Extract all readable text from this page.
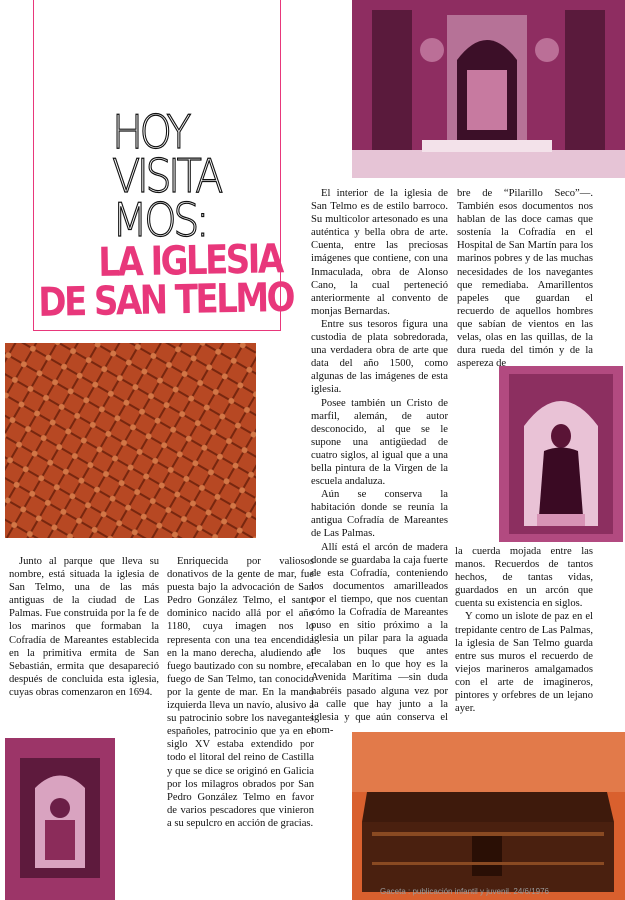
HOY
VISITA
MOS:
LA IGLESIA
DE SAN TELMO

Junto al parque que lleva su nombre, está situada la iglesia de San Telmo, una de las más antiguas de la ciudad de Las Palmas. Fue construida por la fe de los marinos que formaban la Cofradía de Mareantes establecida en la primitiva ermita de San Sebastián, ermita que desapareció después de concluida esta iglesia, cuyas obras comenzaron en 1694.

Enriquecida por valiosos donativos de la gente de mar, fue puesta bajo la advocación de San Pedro González Telmo, el santo dominico nacido allá por el año 1180, cuya imagen nos lo representa con una tea encendida en la mano derecha, aludiendo al fuego bautizado con su nombre, el fuego de San Telmo, tan conocido por la gente de mar. En la mano izquierda lleva un navío, alusivo a su patrocinio sobre los navegantes españoles, patrocinio que ya en el siglo XV estaba extendido por todo el litoral del reino de Castilla y que se dice se originó en Galicia por los milagros obrados por San Pedro González Telmo en favor de varios pescadores que vinieron a su sepulcro en acción de gracias.

El interior de la iglesia de San Telmo es de estilo barroco. Su multicolor artesonado es una auténtica y bella obra de arte. Cuenta, entre las preciosas imágenes que contiene, con una Inmaculada, obra de Alonso Cano, la cual perteneció anteriormente al convento de monjas Bernardas.

Entre sus tesoros figura una custodia de plata sobredorada, una verdadera obra de arte que data del año 1500, como algunas de las imágenes de esta iglesia.

Posee también un Cristo de marfil, alemán, de autor desconocido, al que se le supone una antigüedad de cuatro siglos, al igual que a una bella pintura de la Virgen de la escuela andaluza.

Aún se conserva la habitación donde se reunía la antigua Cofradía de Mareantes de Las Palmas.

Allí está el arcón de madera donde se guardaba la caja fuerte de esta Cofradía, conteniendo los documentos amarilleados por el tiempo, que nos cuentan cómo la Cofradía de Mareantes puso en sitio próximo a la iglesia un pilar para la aguada de los buques que antes recalaban en lo que hoy es la Avenida Marítima —sin duda habréis pasado alguna vez por la calle que hay junto a la iglesia y que aún conserva el nom-

bre de “Pilarillo Seco”—. También esos documentos nos hablan de las doce camas que sostenía la Cofradía en el Hospital de San Martín para los marinos pobres y de las muchas necesidades de los navegantes que remediaba. Amarillentos papeles que guardan el recuerdo de aquellos hombres que sabían de vientos en las velas, olas en las quillas, de la dura rueda del timón y de la aspereza de

la cuerda mojada entre las manos. Recuerdos de tantos hechos, de tantas vidas, guardados en un arcón que cuenta su existencia en siglos.

Y como un islote de paz en el trepidante centro de Las Palmas, la iglesia de San Telmo guarda entre sus muros el recuerdo de viejos marineros amalgamados con el arte de imagineros, pintores y orfebres de un lejano ayer.

Gaceta : publicación infantil y juvenil. 24/6/1976
